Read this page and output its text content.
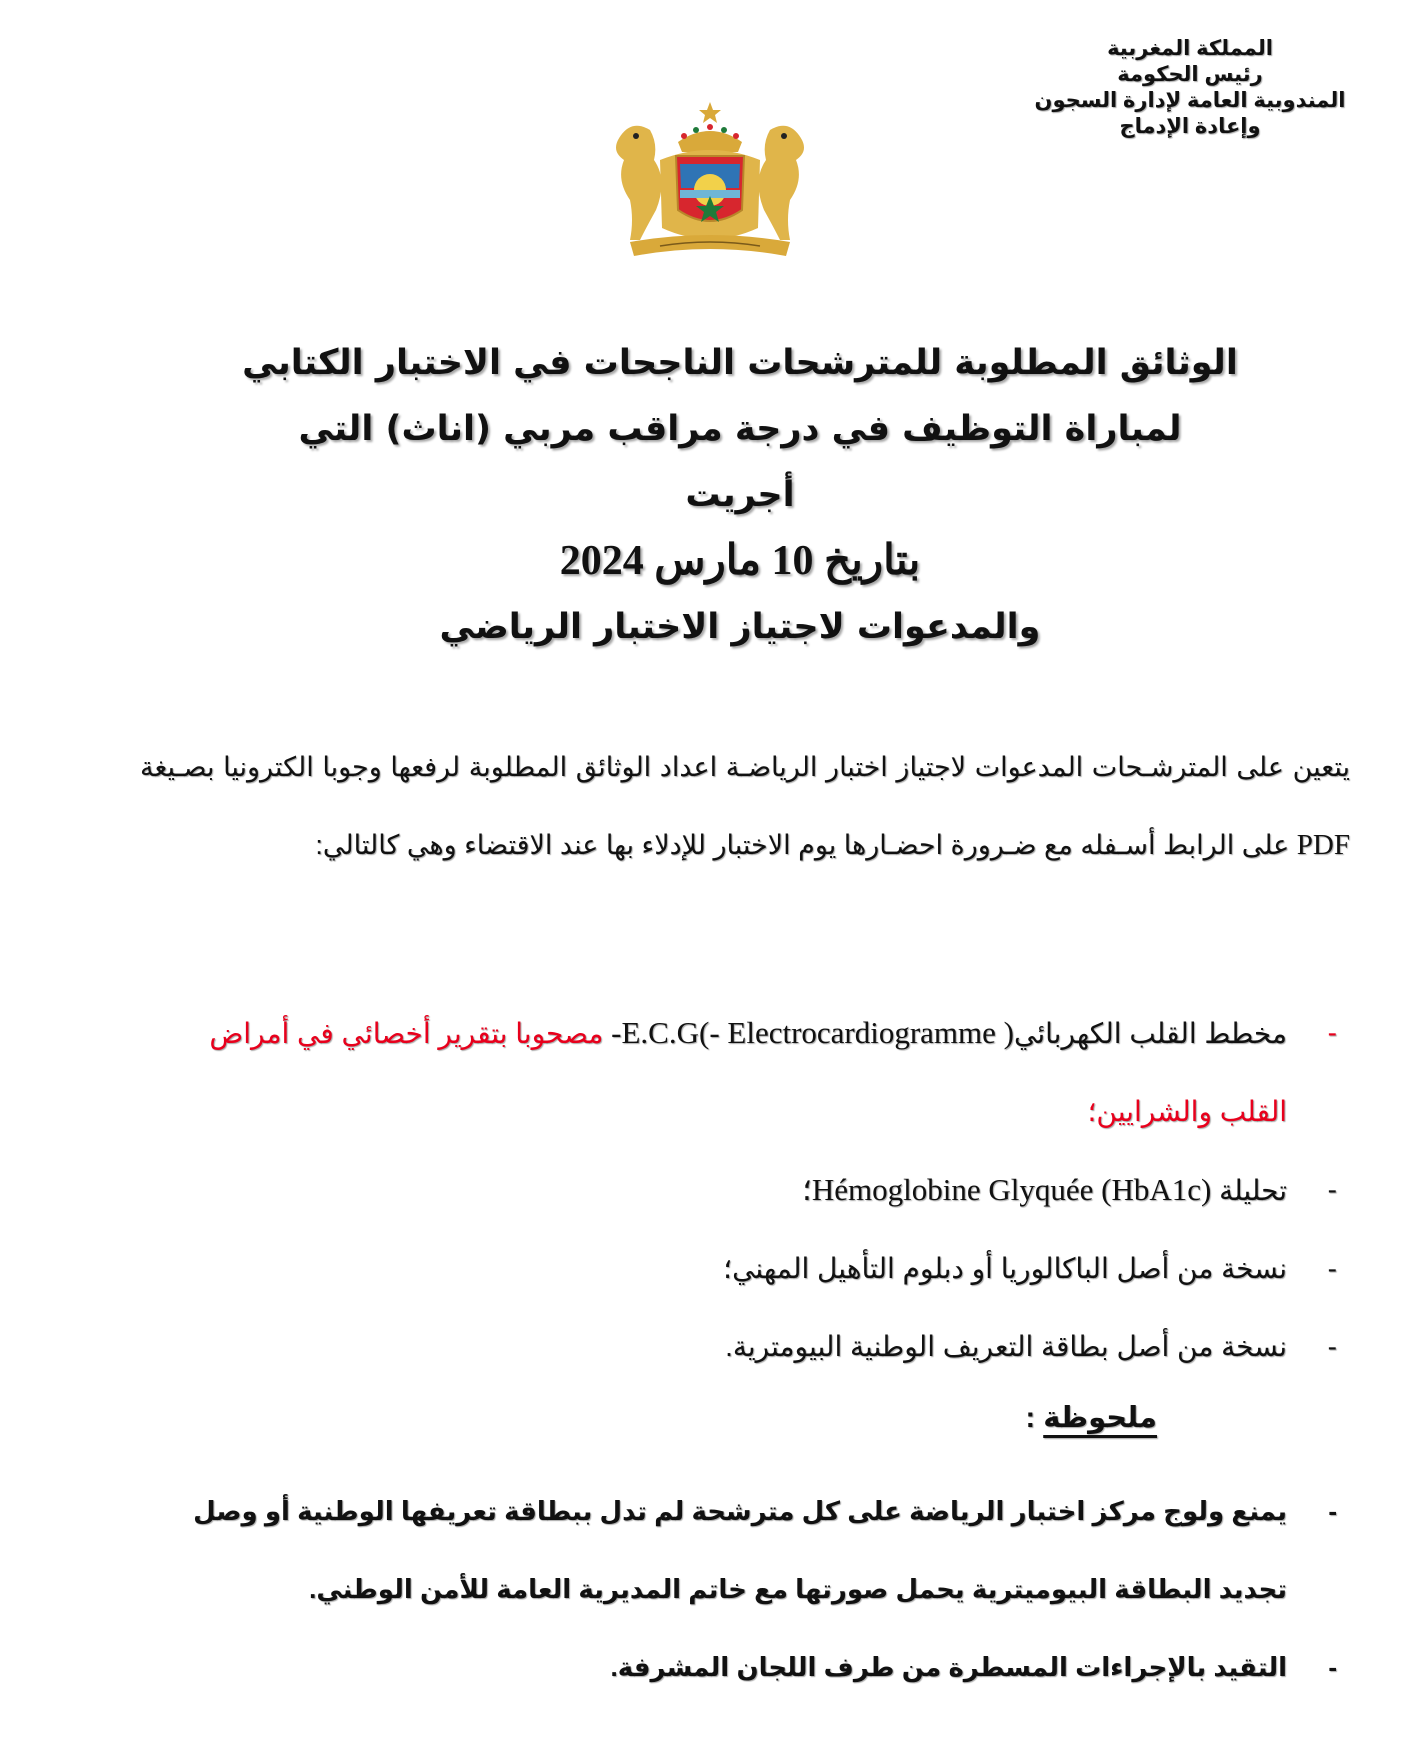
المملكة المغربية
رئيس الحكومة
المندوبية العامة لإدارة السجون
وإعادة الإدماج
الوثائق المطلوبة للمترشحات الناجحات في الاختبار الكتابي
لمباراة التوظيف في درجة مراقب مربي (اناث) التي أجريت
بتاريخ 10 مارس 2024
والمدعوات لاجتياز الاختبار الرياضي

يتعين على المترشـحات المدعوات لاجتياز اختبار الرياضـة اعداد الوثائق المطلوبة لرفعها وجوبا الكترونيا بصـيغة PDF على الرابط أسـفله مع ضـرورة احضـارها يوم الاختبار للإدلاء بها عند الاقتضاء وهي كالتالي:

-
مخطط القلب الكهربائيE.C.G(- Electrocardiogramme )- مصحوبا بتقرير أخصائي في أمراض القلب والشرايين؛
-
تحليلة (Hémoglobine Glyquée (HbA1c؛
-
نسخة من أصل الباكالوريا أو دبلوم التأهيل المهني؛
-
نسخة من أصل بطاقة التعريف الوطنية البيومترية.
ملحوظة :
-
يمنع ولوج مركز اختبار الرياضة على كل مترشحة لم تدل ببطاقة تعريفها الوطنية أو وصل تجديد البطاقة البيوميترية يحمل صورتها مع خاتم المديرية العامة للأمن الوطني.
-
التقيد بالإجراءات المسطرة من طرف اللجان المشرفة.
